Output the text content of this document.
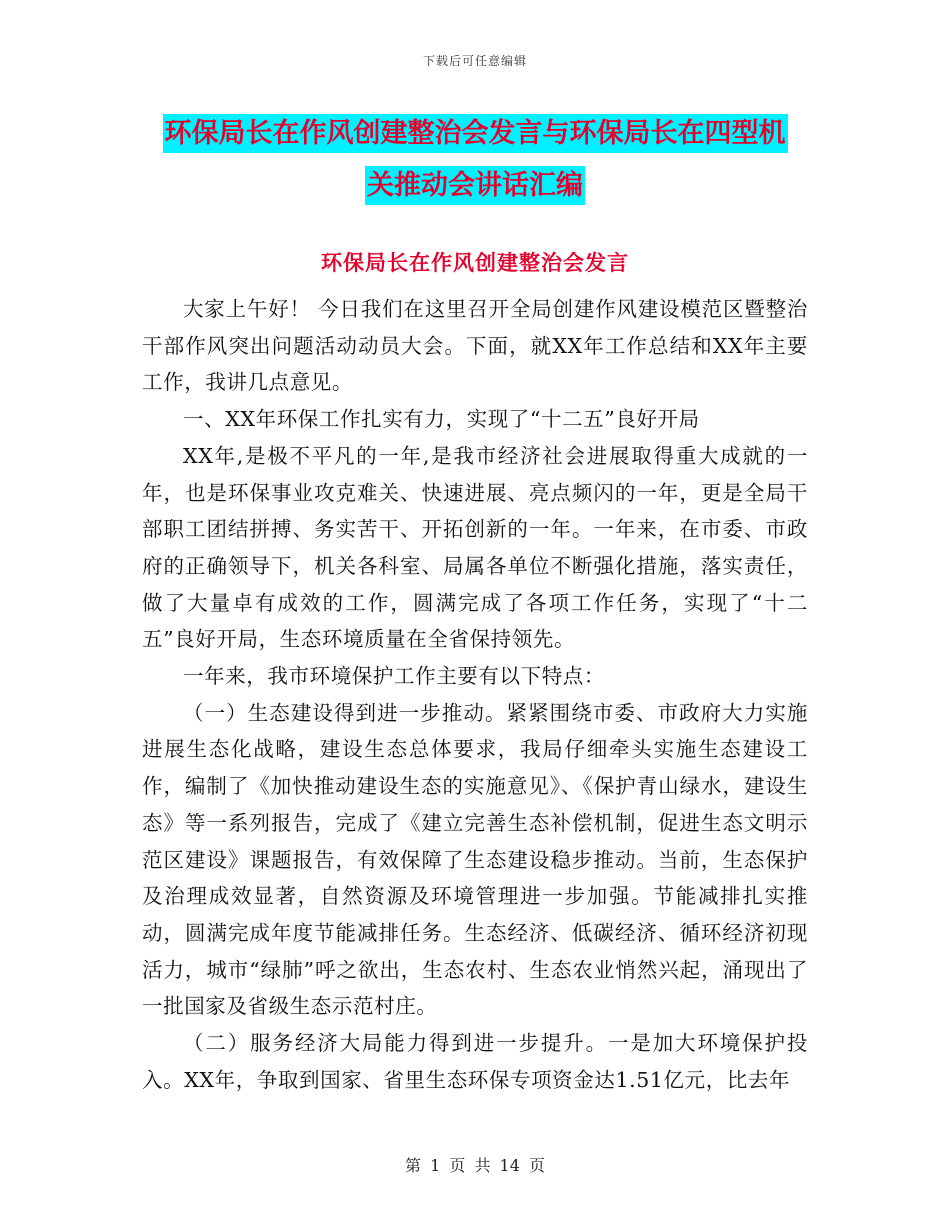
下载后可任意编辑
环保局长在作风创建整治会发言与环保局长在四型机
关推动会讲话汇编
环保局长在作风创建整治会发言

大家上午好！ 今日我们在这里召开全局创建作风建设模范区暨整治干部作风突出问题活动动员大会。下面，就XX年工作总结和XX年主要工作，我讲几点意见。

一、XX年环保工作扎实有力，实现了“十二五”良好开局

XX年,是极不平凡的一年,是我市经济社会进展取得重大成就的一年，也是环保事业攻克难关、快速进展、亮点频闪的一年，更是全局干部职工团结拼搏、务实苦干、开拓创新的一年。一年来，在市委、市政府的正确领导下，机关各科室、局属各单位不断强化措施，落实责任，做了大量卓有成效的工作，圆满完成了各项工作任务，实现了“十二五”良好开局，生态环境质量在全省保持领先。

一年来，我市环境保护工作主要有以下特点：

（一）生态建设得到进一步推动。紧紧围绕市委、市政府大力实施进展生态化战略，建设生态总体要求，我局仔细牵头实施生态建设工作，编制了《加快推动建设生态的实施意见》、《保护青山绿水，建设生态》等一系列报告，完成了《建立完善生态补偿机制，促进生态文明示范区建设》课题报告，有效保障了生态建设稳步推动。当前，生态保护及治理成效显著，自然资源及环境管理进一步加强。节能减排扎实推动，圆满完成年度节能减排任务。生态经济、低碳经济、循环经济初现活力，城市“绿肺”呼之欲出，生态农村、生态农业悄然兴起，涌现出了一批国家及省级生态示范村庄。

（二）服务经济大局能力得到进一步提升。一是加大环境保护投入。XX年，争取到国家、省里生态环保专项资金达1.51亿元，比去年

第 1 页 共 14 页
